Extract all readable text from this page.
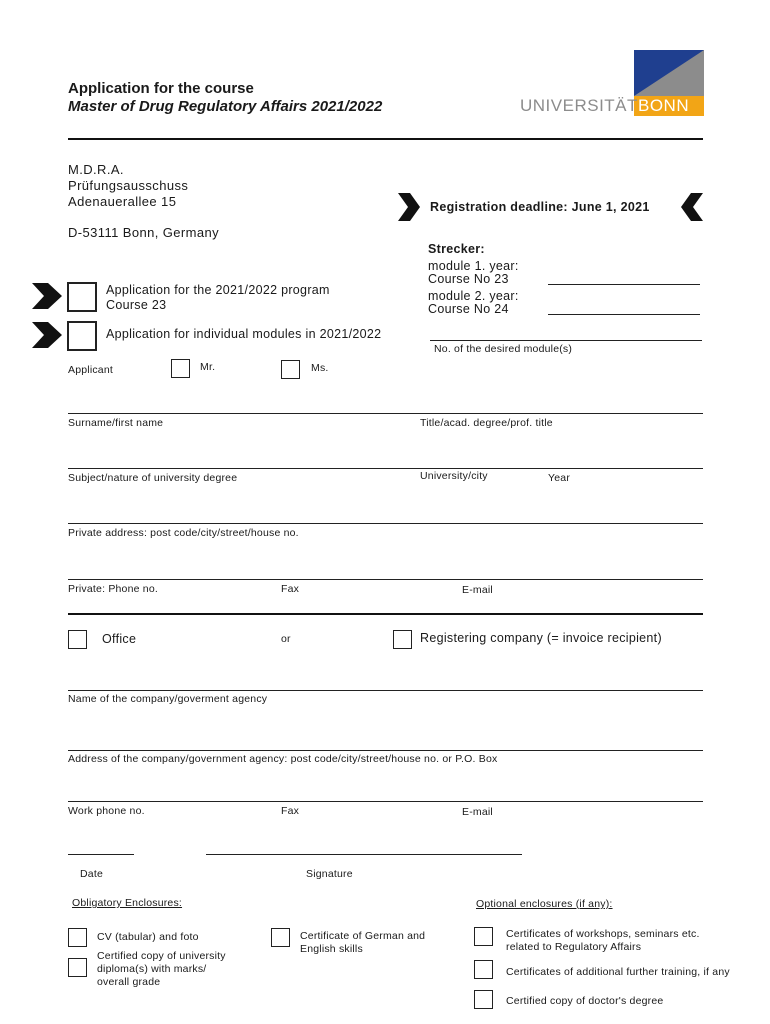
Application for the course
Master of Drug Regulatory Affairs 2021/2022	UNIVERSITÄT BONN
M.D.R.A.
Prüfungsausschuss
Adenauerallee 15
D-53111 Bonn, Germany
Registration deadline: June 1, 2021
Strecker:
module 1. year:
Course No 23
module 2. year:
Course No 24
No. of the desired module(s)
Application for the 2021/2022 program
Course 23
Application for individual modules in 2021/2022
Applicant	Mr.	Ms.
Surname/first name	Title/acad. degree/prof. title
Subject/nature of university degree	University/city	Year
Private address: post code/city/street/house no.
Private: Phone no.	Fax	E-mail
Office	or	Registering company (= invoice recipient)
Name of the company/goverment agency
Address of the company/government agency: post code/city/street/house no. or P.O. Box
Work phone no.	Fax	E-mail
Date	Signature
Obligatory Enclosures:	Optional enclosures (if any):
CV (tabular) and foto
Certified copy of university
diploma(s) with marks/
overall grade
Certificate of German and
English skills
Certificates of workshops, seminars etc.
related to Regulatory Affairs
Certificates of additional further training, if any
Certified copy of doctor's degree
